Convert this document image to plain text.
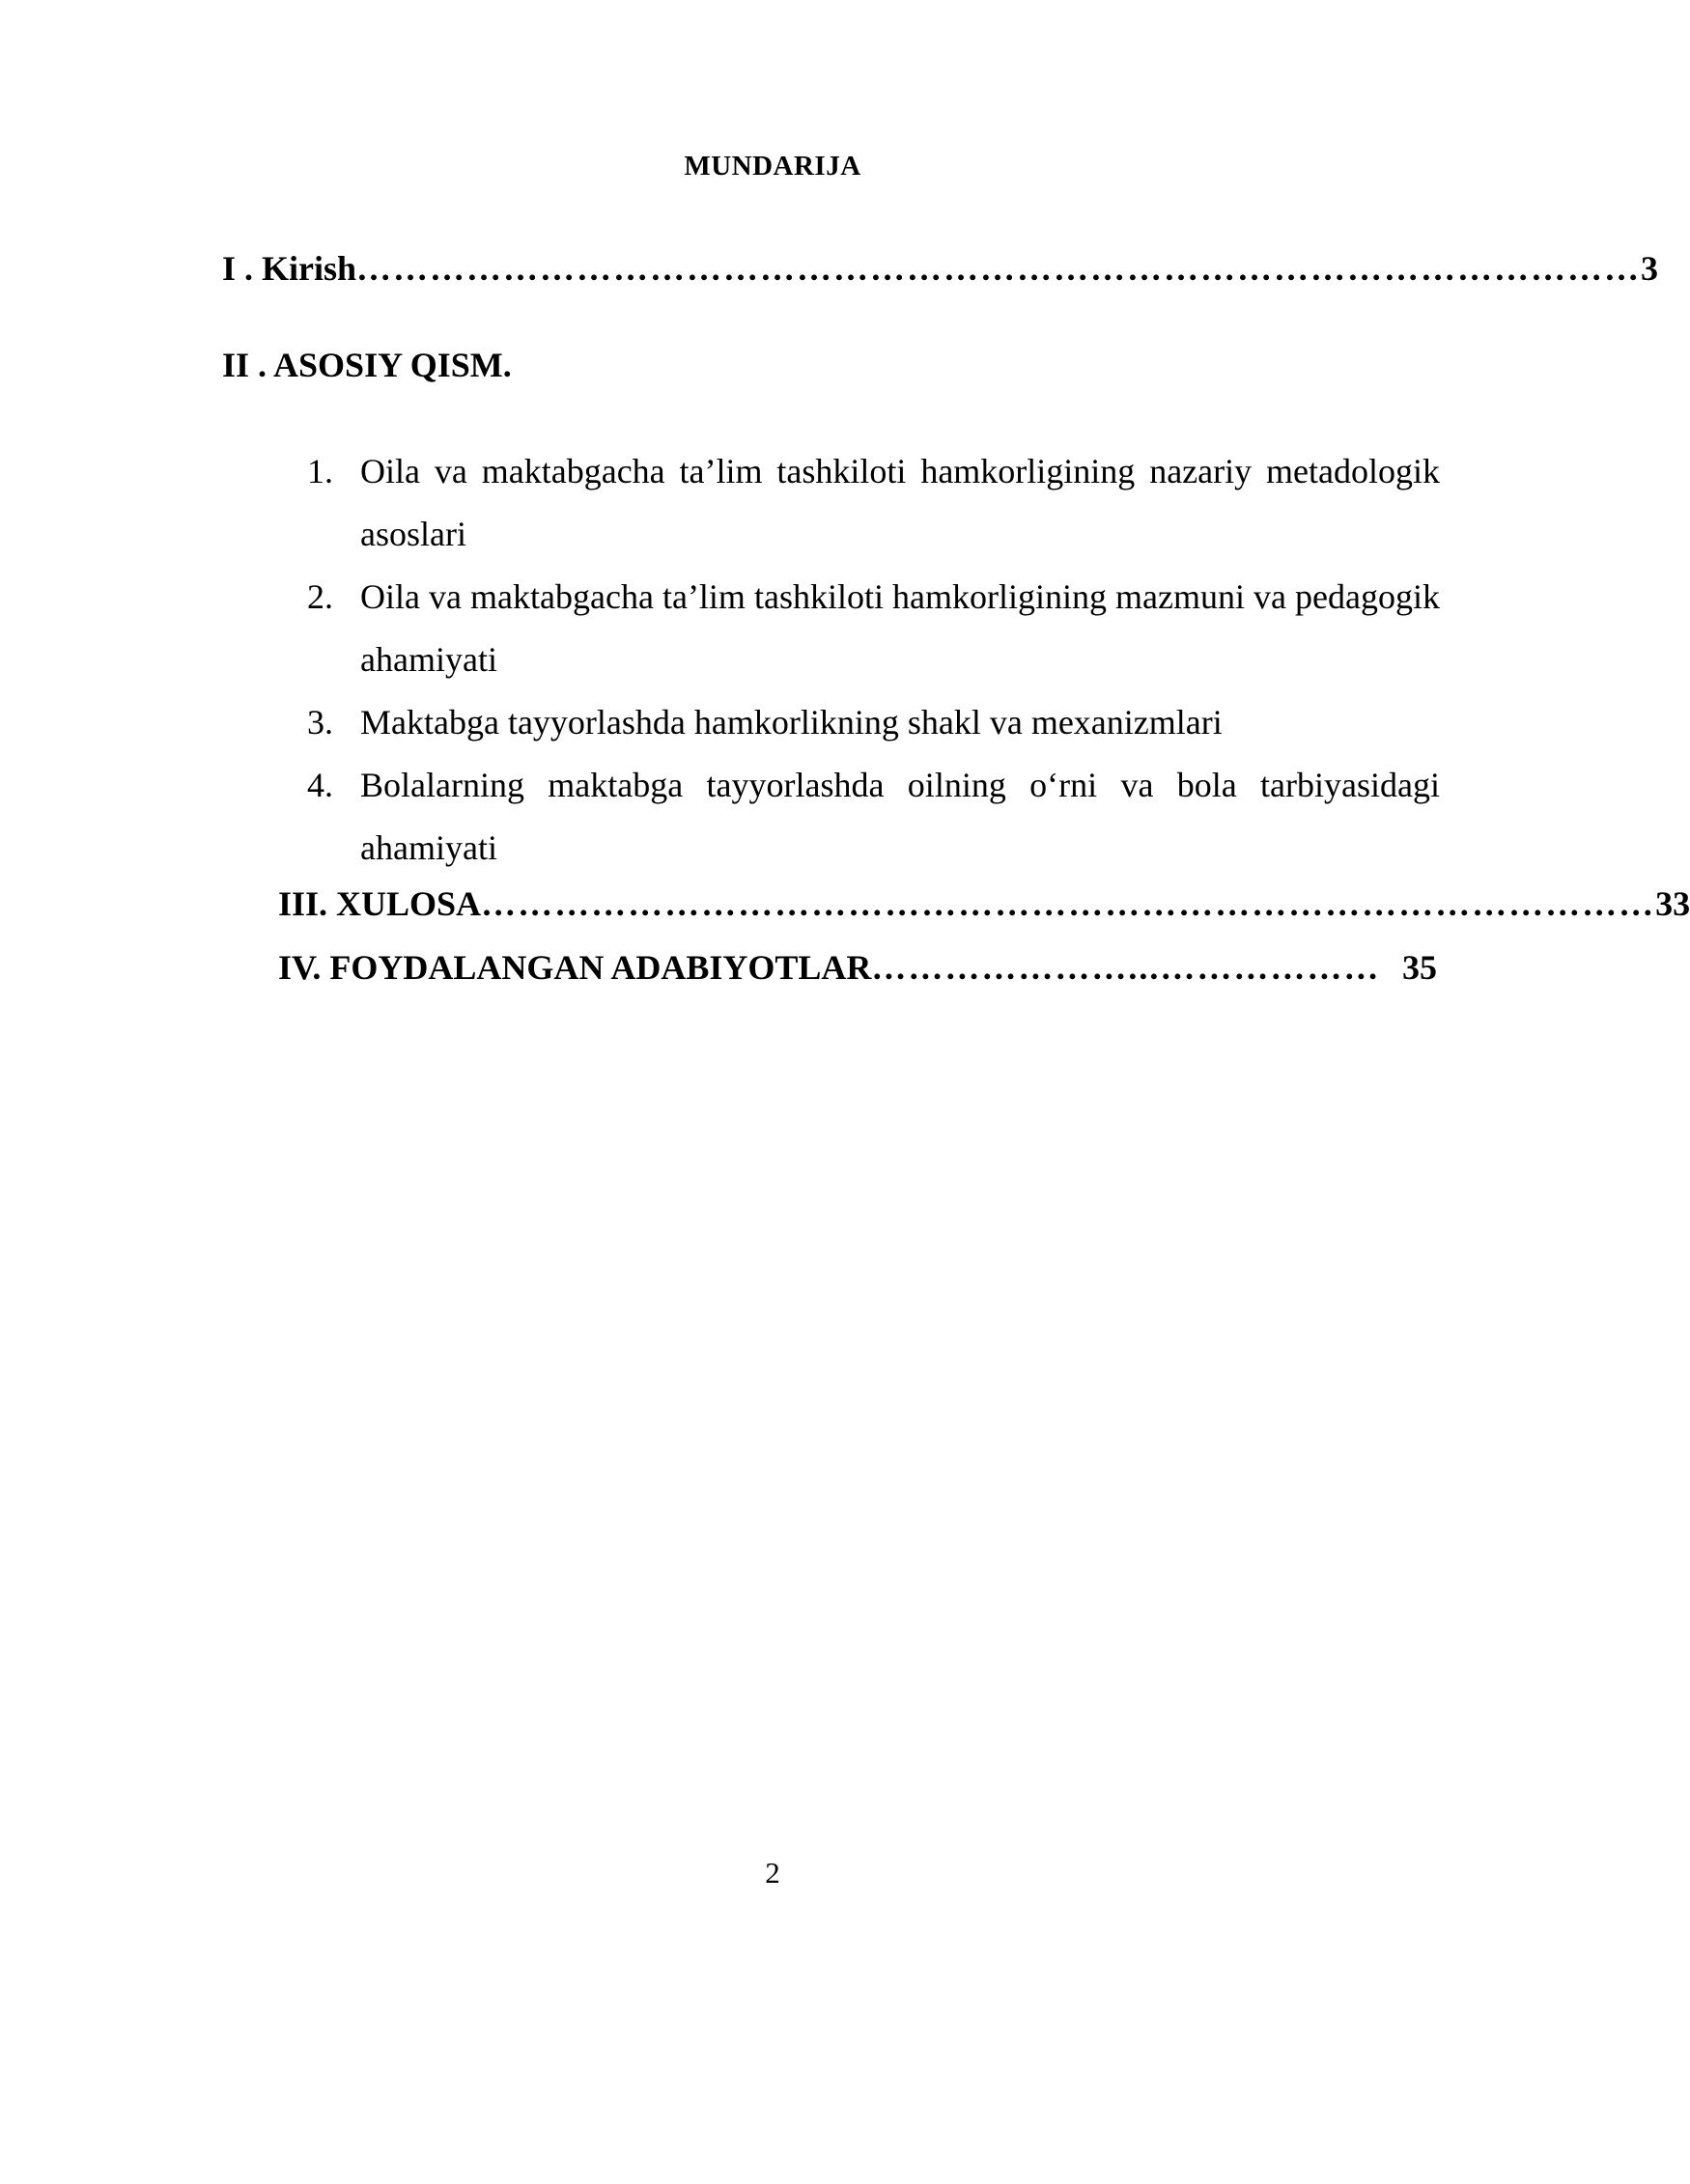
MUNDARIJA
I . Kirish …………………………………………………………………………………………… 3
II . ASOSIY QISM.
1. Oila va maktabgacha ta’lim tashkiloti hamkorligining nazariy metadologik asoslari
2. Oila va maktabgacha ta’lim tashkiloti hamkorligining mazmuni va pedagogik ahamiyati
3. Maktabga tayyorlashda hamkorlikning shakl va mexanizmlari
4. Bolalarning maktabga tayyorlashda oilning o‘rni va bola tarbiyasidagi ahamiyati
III. XULOSA …………………………………………………………………………………… 33
IV. FOYDALANGAN ADABIYOTLAR …………………...……………… 35
2
